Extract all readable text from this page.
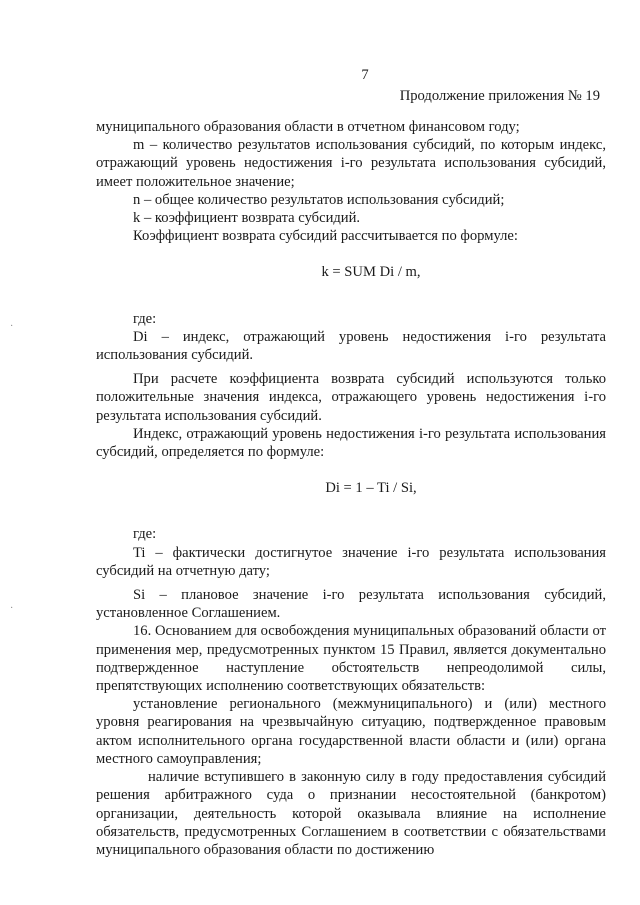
7
Продолжение приложения № 19
·
·

муниципального образования области в отчетном финансовом году;

m – количество результатов использования субсидий, по которым индекс, отражающий уровень недостижения i-го результата использования субсидий, имеет положительное значение;

n – общее количество результатов использования субсидий;

k – коэффициент возврата субсидий.

Коэффициент возврата субсидий рассчитывается по формуле:

k = SUM Di / m,

где:

Di – индекс, отражающий уровень недостижения i-го результата использования субсидий.

При расчете коэффициента возврата субсидий используются только положительные значения индекса, отражающего уровень недостижения i-го результата использования субсидий.

Индекс, отражающий уровень недостижения i-го результата использования субсидий, определяется по формуле:

Di = 1 – Ti / Si,

где:

Ti – фактически достигнутое значение i-го результата использования субсидий на отчетную дату;

Si – плановое значение i-го результата использования субсидий, установленное Соглашением.

16. Основанием для освобождения муниципальных образований области от применения мер, предусмотренных пунктом 15 Правил, является документально подтвержденное наступление обстоятельств непреодолимой силы, препятствующих исполнению соответствующих обязательств:

установление регионального (межмуниципального) и (или) местного уровня реагирования на чрезвычайную ситуацию, подтвержденное правовым актом исполнительного органа государственной власти области и (или) органа местного самоуправления;

наличие вступившего в законную силу в году предоставления субсидий решения арбитражного суда о признании несостоятельной (банкротом) организации, деятельность которой оказывала влияние на исполнение обязательств, предусмотренных Соглашением в соответствии с обязательствами муниципального образования области по достижению
